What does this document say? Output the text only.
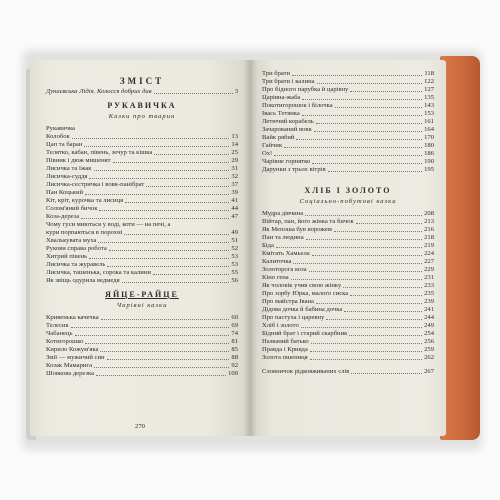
ЗМІСТ
Дунаєвська Лідія. Колосся добрих див	3
РУКАВИЧКА
Казки про тварин
Рукавичка
Колобок	13
Цап та баран	14
Телятко, кабан, півень, зечур та кішка	25
Півник і дюж мишенят	29
Лисичка та їжак	31
Лисичка-суддя	32
Лисичка-сестричка і вовк-панібрат	37
Пан Коцький	39
Кіт, кріт, курочка та лисиця	41
Солом'яний бичок	44
Коза-дереза	47
Чому гуси миються у воді, коти — на печі, а
кури порпаються в порохні	49
Хвалькувата муха	51
Рукови справа робота	52
Хитрий півень	53
Лисичка та журавель	53
Лисичка, ташенька, сорока та калини	55
Як звіщь одурила ведмедя	56
ЯЙЦЕ-РАЙЦЕ
Чарівні казки
Кривенька качечка	60
Телесик	69
Чабанець	74
Котигорошко	81
Кирило Кожум'яка	85
Змії — мужичий син	88
Козак Мамарига	92
Шовкова дерезка	100
270
Три брати	118
Три брати і калина	122
Про бідного парубка й царівну	127
Царівна-жаба	135
Покотигорошок і білочка	143
Івась Тетянка	153
Летючий корабель	161
Зачарований вовк	164
Вайк рябий	170
Гайчик	180
Ох!	186
Чарівне горнятко	190
Дарунки з трьох вітрів	195
ХЛІБ І ЗОЛОТО
Соціально-побутові казки
Мудра дівчина	208
Війтар, пан, його жінка та бичок	213
Як Мепоша був ворожем	216
Пан та людина	218
Біда	219
Кмітать Хамьела	224
Калиточка	227
Золоторога коза	229
Кіно гена	231
Як чоловік учив свою жінку	233
Про зорбу Юрка, малого сиска	235
Про майстра Івана	239
Дідова дочка й бабина дочка	241
Про пастуха і царевну	244
Хліб і золото	249
Бідний брат і старий скарбник	254
Названий батько	256
Правда і Кривда	259
Золота пшениця	262
Словничок рідковживаних слів	267
